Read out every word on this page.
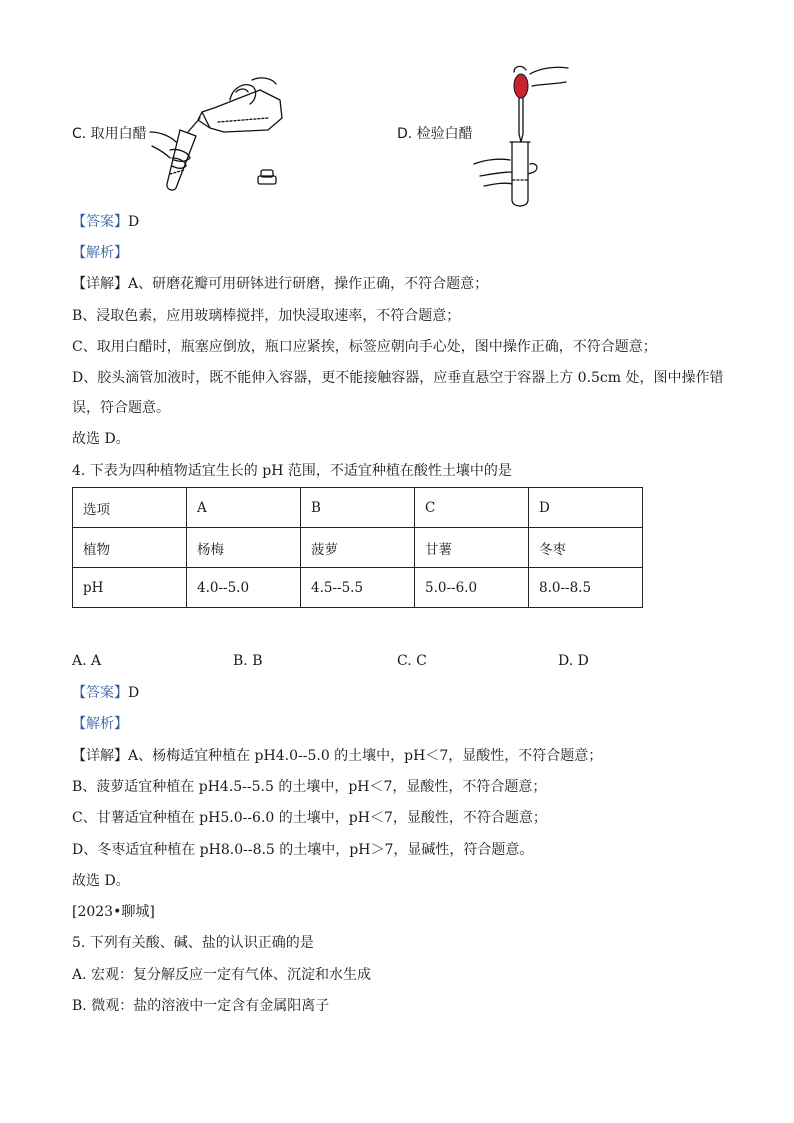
C. 取用白醋	D. 检验白醋
【答案】D
【解析】
【详解】A、研磨花瓣可用研钵进行研磨，操作正确，不符合题意；
B、浸取色素，应用玻璃棒搅拌，加快浸取速率，不符合题意；
C、取用白醋时，瓶塞应倒放，瓶口应紧挨，标签应朝向手心处，图中操作正确，不符合题意；
D、胶头滴管加液时，既不能伸入容器，更不能接触容器，应垂直悬空于容器上方 0.5cm 处，图中操作错
误，符合题意。
故选 D。
4. 下表为四种植物适宜生长的 pH 范围，不适宜种植在酸性土壤中的是
选项	A	B	C	D
植物	杨梅	菠萝	甘薯	冬枣
pH	4.0--5.0	4.5--5.5	5.0--6.0	8.0--8.5
A. A	B. B	C. C	D. D
【答案】D
【解析】
【详解】A、杨梅适宜种植在 pH4.0--5.0 的土壤中，pH＜7，显酸性，不符合题意；
B、菠萝适宜种植在 pH4.5--5.5 的土壤中，pH＜7，显酸性，不符合题意；
C、甘薯适宜种植在 pH5.0--6.0 的土壤中，pH＜7，显酸性，不符合题意；
D、冬枣适宜种植在 pH8.0--8.5 的土壤中，pH＞7，显碱性，符合题意。
故选 D。
[2023•聊城]
5. 下列有关酸、碱、盐的认识正确的是
A. 宏观：复分解反应一定有气体、沉淀和水生成
B. 微观：盐的溶液中一定含有金属阳离子
